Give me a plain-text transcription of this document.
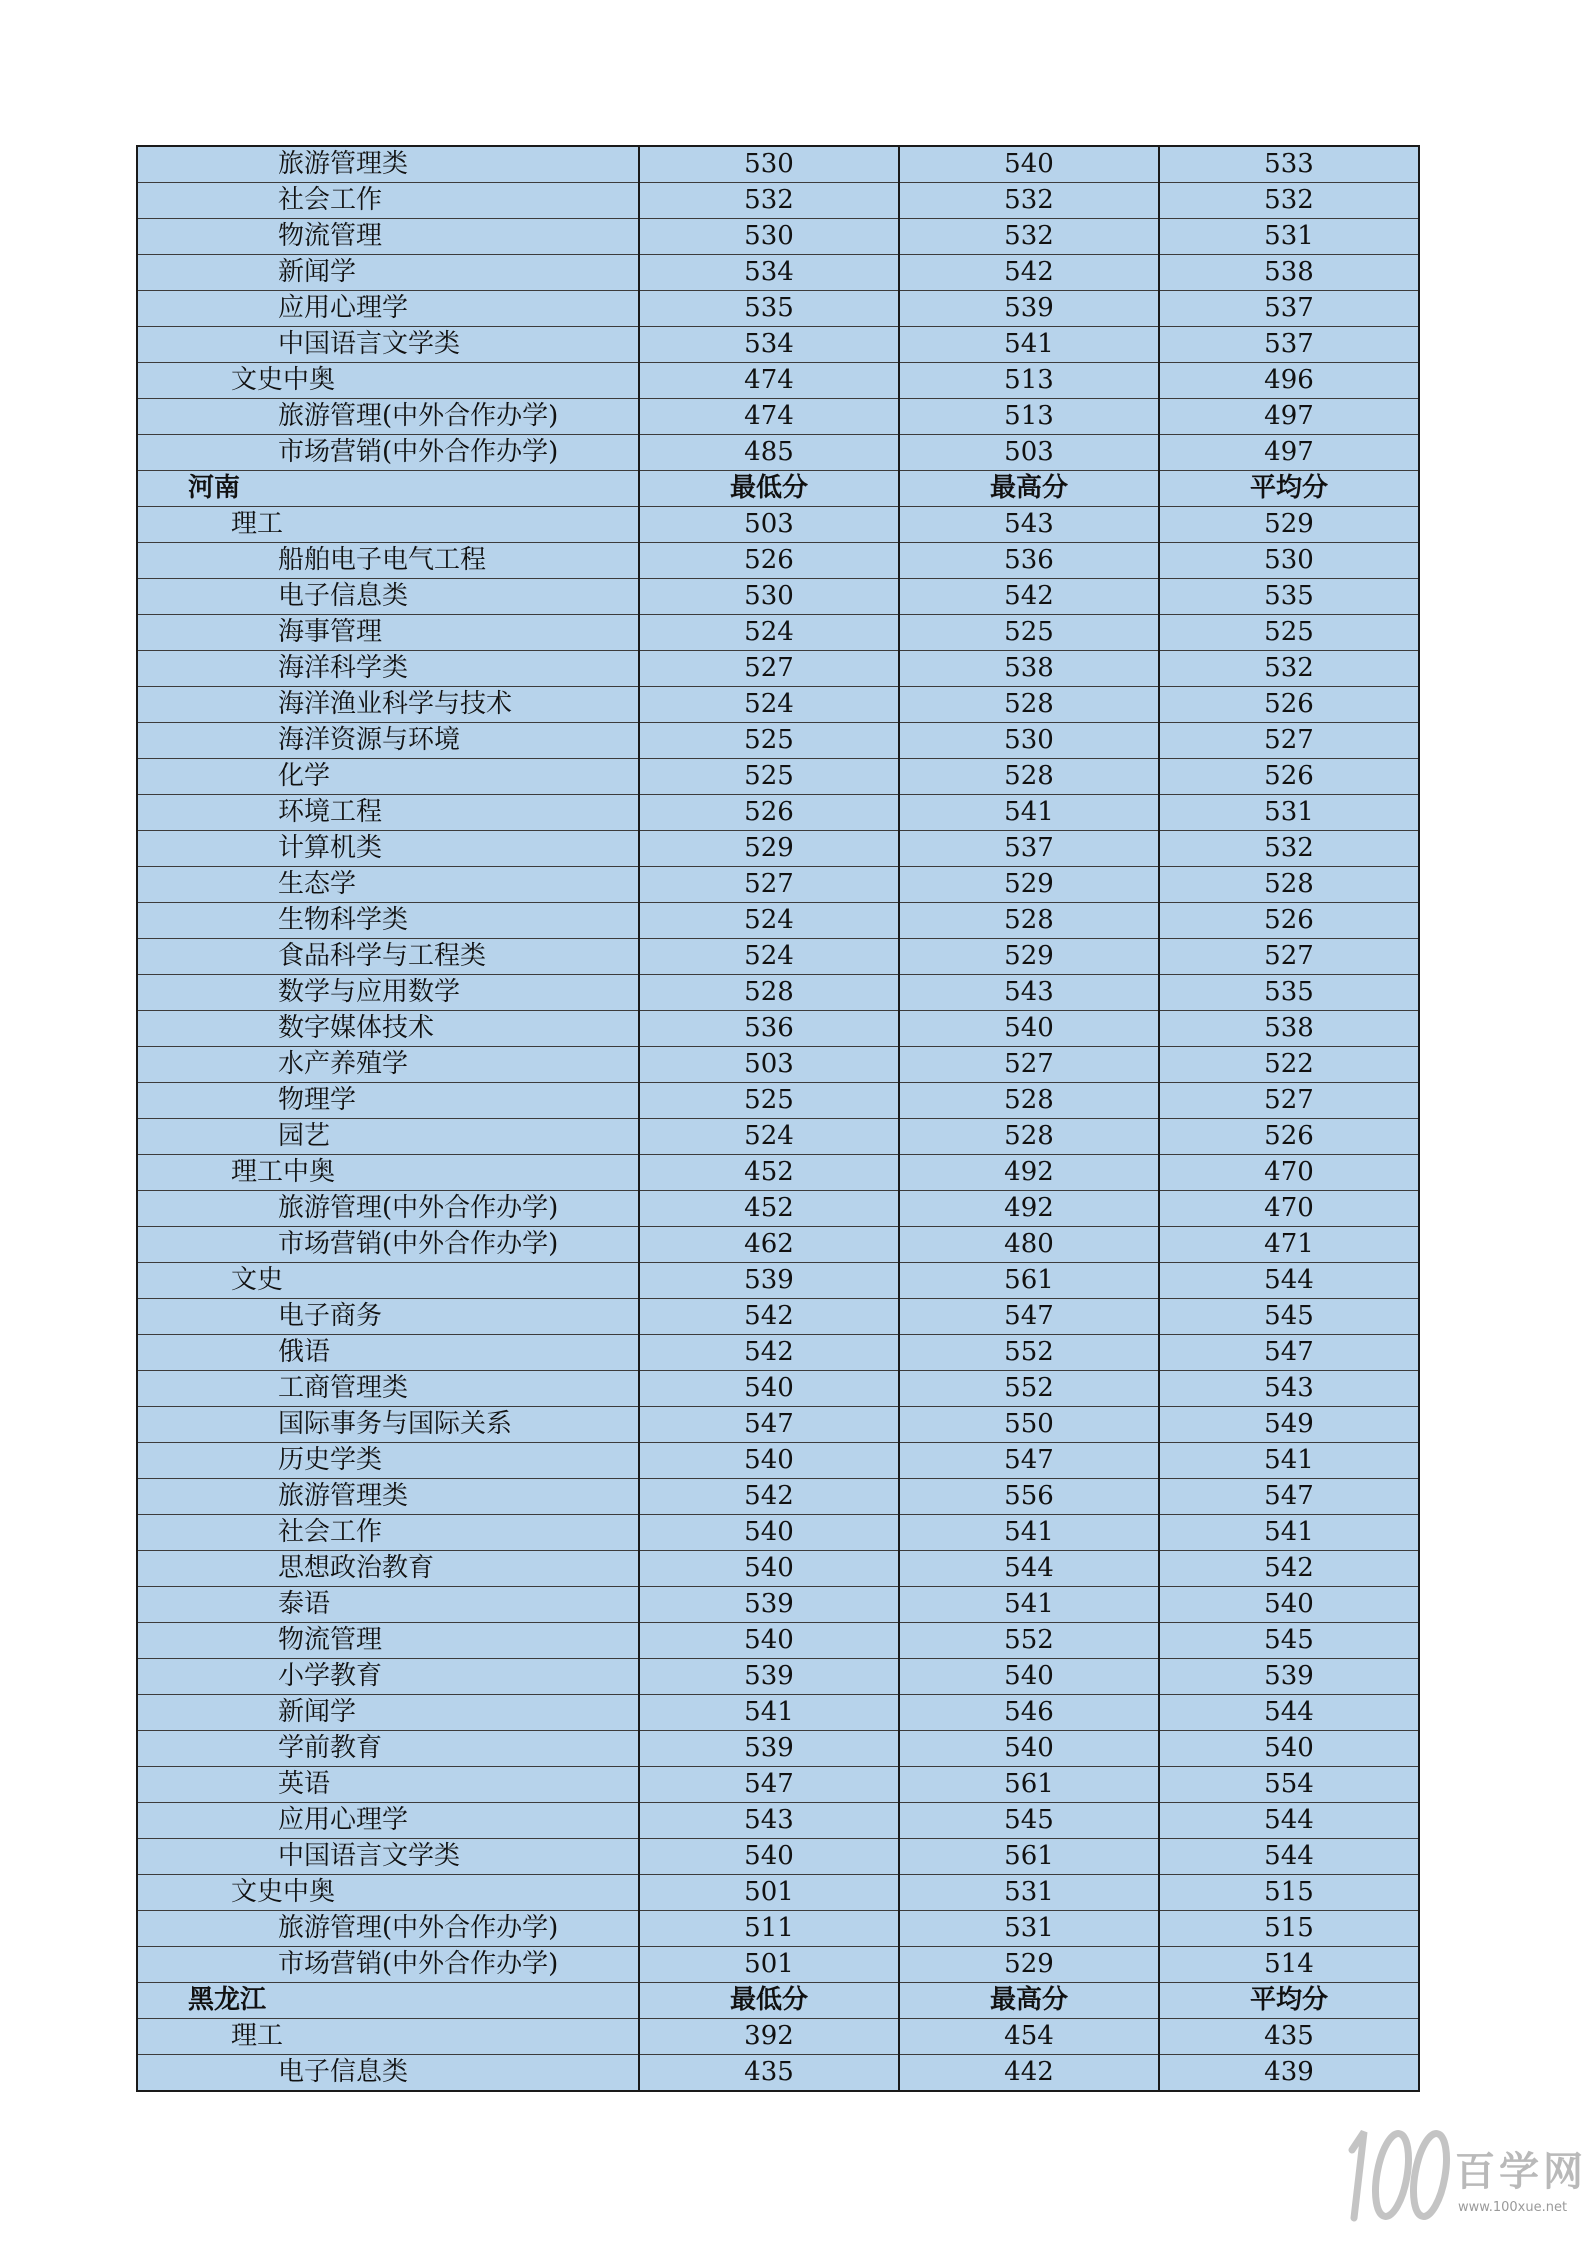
旅游管理类	530	540	533
社会工作	532	532	532
物流管理	530	532	531
新闻学	534	542	538
应用心理学	535	539	537
中国语言文学类	534	541	537
文史中奥	474	513	496
旅游管理(中外合作办学)	474	513	497
市场营销(中外合作办学)	485	503	497
河南	最低分	最高分	平均分
理工	503	543	529
船舶电子电气工程	526	536	530
电子信息类	530	542	535
海事管理	524	525	525
海洋科学类	527	538	532
海洋渔业科学与技术	524	528	526
海洋资源与环境	525	530	527
化学	525	528	526
环境工程	526	541	531
计算机类	529	537	532
生态学	527	529	528
生物科学类	524	528	526
食品科学与工程类	524	529	527
数学与应用数学	528	543	535
数字媒体技术	536	540	538
水产养殖学	503	527	522
物理学	525	528	527
园艺	524	528	526
理工中奥	452	492	470
旅游管理(中外合作办学)	452	492	470
市场营销(中外合作办学)	462	480	471
文史	539	561	544
电子商务	542	547	545
俄语	542	552	547
工商管理类	540	552	543
国际事务与国际关系	547	550	549
历史学类	540	547	541
旅游管理类	542	556	547
社会工作	540	541	541
思想政治教育	540	544	542
泰语	539	541	540
物流管理	540	552	545
小学教育	539	540	539
新闻学	541	546	544
学前教育	539	540	540
英语	547	561	554
应用心理学	543	545	544
中国语言文学类	540	561	544
文史中奥	501	531	515
旅游管理(中外合作办学)	511	531	515
市场营销(中外合作办学)	501	529	514
黑龙江	最低分	最高分	平均分
理工	392	454	435
电子信息类	435	442	439
百学网
www.100xue.net
